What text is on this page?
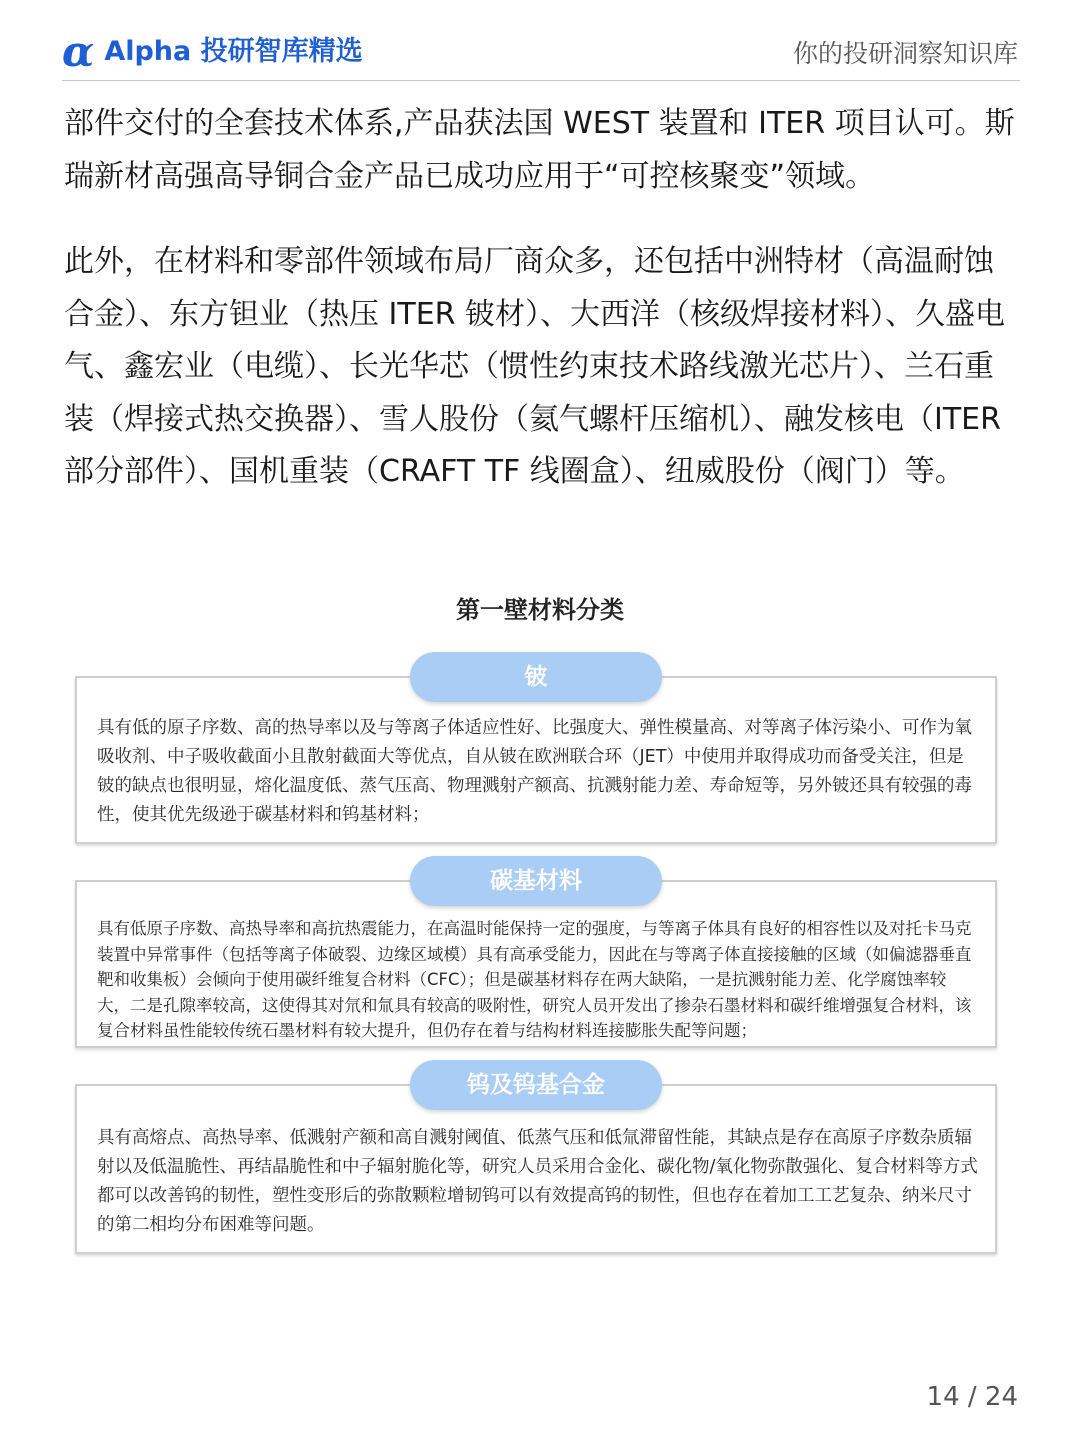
α Alpha 投研智库精选	你的投研洞察知识库

部件交付的全套技术体系,产品获法国 WEST 装置和 ITER 项目认可。斯瑞新材高强高导铜合金产品已成功应用于“可控核聚变”领域。

此外，在材料和零部件领域布局厂商众多，还包括中洲特材（高温耐蚀合金）、东方钽业（热压 ITER 铍材）、大西洋（核级焊接材料）、久盛电气、鑫宏业（电缆）、长光华芯（惯性约束技术路线激光芯片）、兰石重装（焊接式热交换器）、雪人股份（氦气螺杆压缩机）、融发核电（ITER 部分部件）、国机重装（CRAFT TF 线圈盒）、纽威股份（阀门）等。

第一壁材料分类

具有低的原子序数、高的热导率以及与等离子体适应性好、比强度大、弹性模量高、对等离子体污染小、可作为氧吸收剂、中子吸收截面小且散射截面大等优点，自从铍在欧洲联合环（JET）中使用并取得成功而备受关注，但是铍的缺点也很明显，熔化温度低、蒸气压高、物理溅射产额高、抗溅射能力差、寿命短等，另外铍还具有较强的毒性，使其优先级逊于碳基材料和钨基材料；

铍

具有低原子序数、高热导率和高抗热震能力，在高温时能保持一定的强度，与等离子体具有良好的相容性以及对托卡马克装置中异常事件（包括等离子体破裂、边缘区域模）具有高承受能力，因此在与等离子体直接接触的区域（如偏滤器垂直靶和收集板）会倾向于使用碳纤维复合材料（CFC）；但是碳基材料存在两大缺陷，一是抗溅射能力差、化学腐蚀率较大，二是孔隙率较高，这使得其对氘和氚具有较高的吸附性，研究人员开发出了掺杂石墨材料和碳纤维增强复合材料，该复合材料虽性能较传统石墨材料有较大提升，但仍存在着与结构材料连接膨胀失配等问题；

碳基材料

具有高熔点、高热导率、低溅射产额和高自溅射阈值、低蒸气压和低氚滞留性能，其缺点是存在高原子序数杂质辐射以及低温脆性、再结晶脆性和中子辐射脆化等，研究人员采用合金化、碳化物/氧化物弥散强化、复合材料等方式都可以改善钨的韧性，塑性变形后的弥散颗粒增韧钨可以有效提高钨的韧性，但也存在着加工工艺复杂、纳米尺寸的第二相均分布困难等问题。

钨及钨基合金
14 / 24
